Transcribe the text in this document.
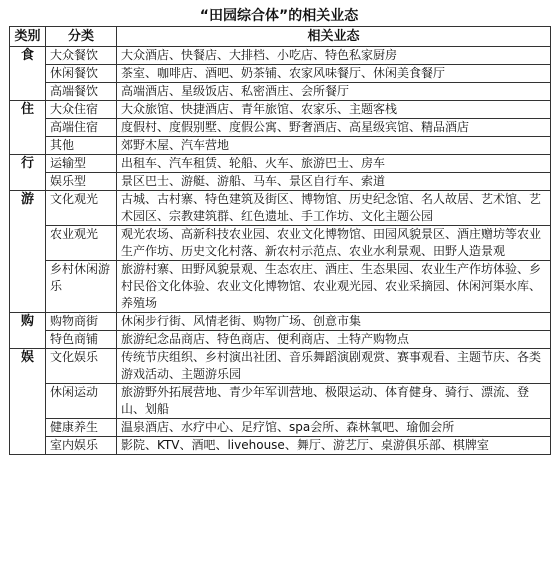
“田园综合体”的相关业态
类别	分类	相关业态
食	大众餐饮	大众酒店、快餐店、大排档、小吃店、特色私家厨房
	休闲餐饮	茶室、咖啡店、酒吧、奶茶铺、农家风味餐厅、休闲美食餐厅
	高端餐饮	高端酒店、星级饭店、私密酒庄、会所餐厅
住	大众住宿	大众旅馆、快捷酒店、青年旅馆、农家乐、主题客栈
	高端住宿	度假村、度假别墅、度假公寓、野奢酒店、高星级宾馆、精品酒店
	其他	郊野木屋、汽车营地
行	运输型	出租车、汽车租赁、轮船、火车、旅游巴士、房车
	娱乐型	景区巴士、游艇、游船、马车、景区自行车、索道
游	文化观光	古城、古村寨、特色建筑及街区、博物馆、历史纪念馆、名人故居、艺术馆、艺术园区、宗教建筑群、红色遗址、手工作坊、文化主题公园
	农业观光	观光农场、高新科技农业园、农业文化博物馆、田园风貌景区、酒庄赠坊等农业生产作坊、历史文化村落、新农村示范点、农业水利景观、田野人造景观
	乡村休闲游乐	旅游村寨、田野风貌景观、生态农庄、酒庄、生态果园、农业生产作坊体验、乡村民俗文化体验、农业文化博物馆、农业观光园、农业采摘园、休闲河渠水库、养殖场
购	购物商街	休闲步行街、风情老街、购物广场、创意市集
	特色商铺	旅游纪念品商店、特色商店、便利商店、土特产购物点
娱	文化娱乐	传统节庆组织、乡村演出社团、音乐舞蹈演剧观赏、赛事观看、主题节庆、各类游戏活动、主题游乐园
	休闲运动	旅游野外拓展营地、青少年军训营地、极限运动、体育健身、骑行、漂流、登山、划船
	健康养生	温泉酒店、水疗中心、足疗馆、spa会所、森林氧吧、瑜伽会所
	室内娱乐	影院、KTV、酒吧、livehouse、舞厅、游艺厅、桌游俱乐部、棋牌室
